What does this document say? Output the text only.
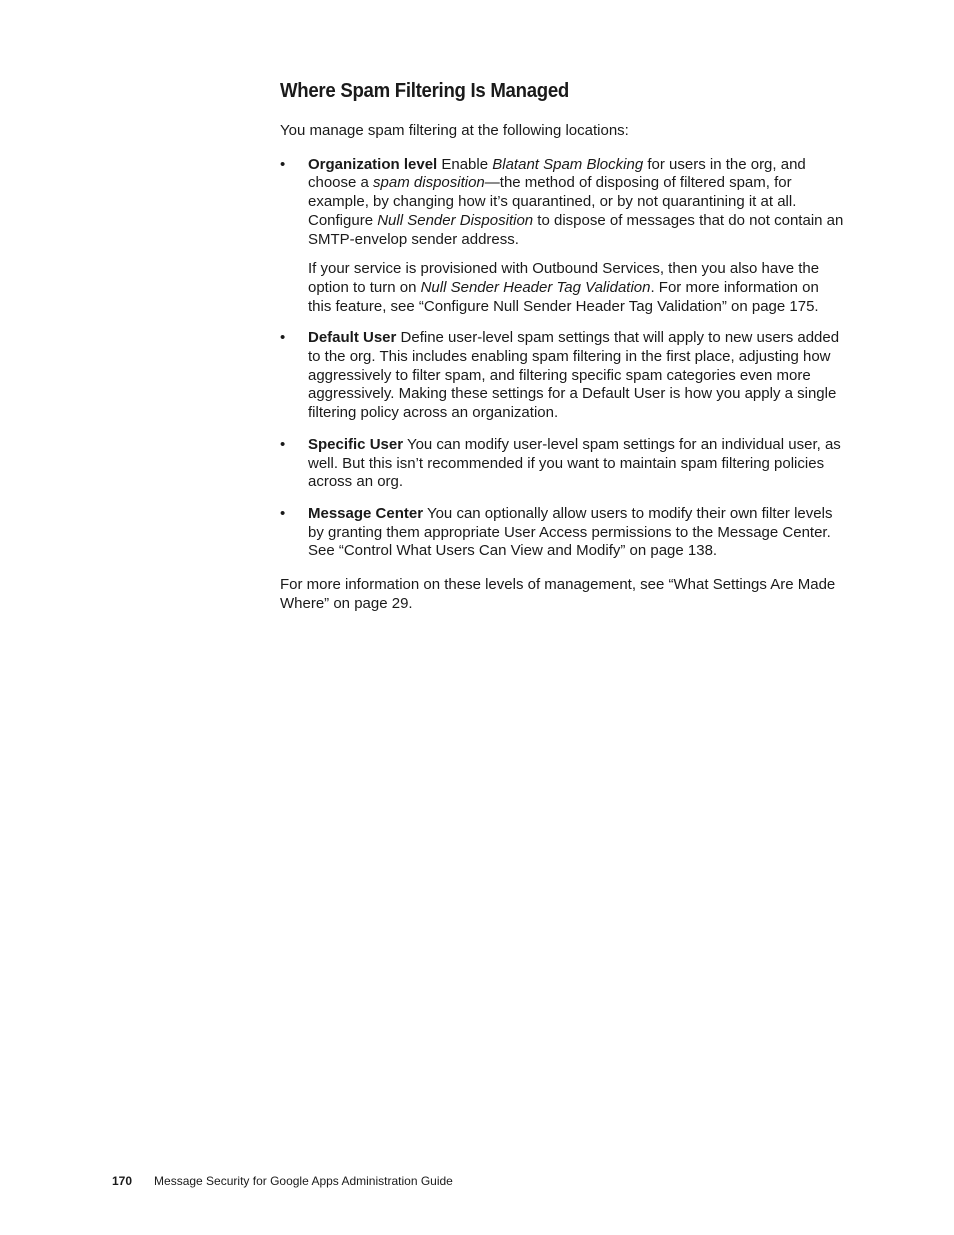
Where Spam Filtering Is Managed

You manage spam filtering at the following locations:

• Organization level Enable Blatant Spam Blocking for users in the org, and choose a spam disposition—the method of disposing of filtered spam, for example, by changing how it’s quarantined, or by not quarantining it at all. Configure Null Sender Disposition to dispose of messages that do not contain an SMTP-envelop sender address.

If your service is provisioned with Outbound Services, then you also have the option to turn on Null Sender Header Tag Validation. For more information on this feature, see “Configure Null Sender Header Tag Validation” on page 175.

• Default User Define user-level spam settings that will apply to new users added to the org. This includes enabling spam filtering in the first place, adjusting how aggressively to filter spam, and filtering specific spam categories even more aggressively. Making these settings for a Default User is how you apply a single filtering policy across an organization.

• Specific User You can modify user-level spam settings for an individual user, as well. But this isn’t recommended if you want to maintain spam filtering policies across an org.

• Message Center You can optionally allow users to modify their own filter levels by granting them appropriate User Access permissions to the Message Center. See “Control What Users Can View and Modify” on page 138.

For more information on these levels of management, see “What Settings Are Made Where” on page 29.

170 Message Security for Google Apps Administration Guide
